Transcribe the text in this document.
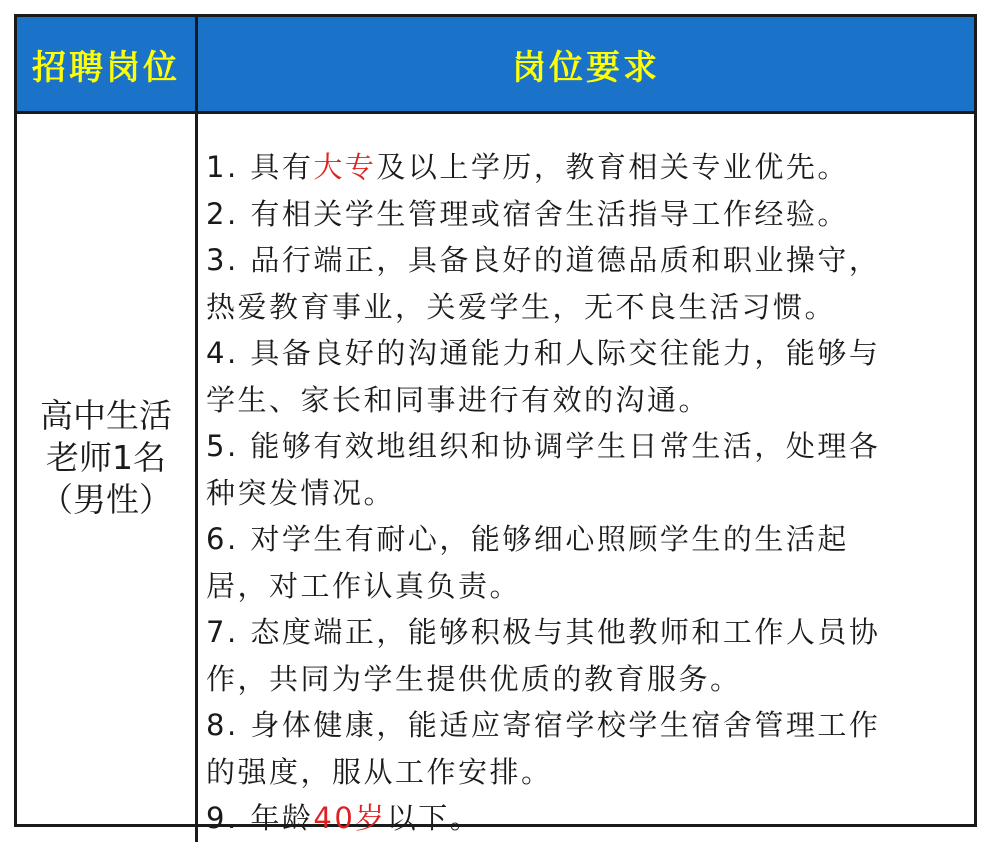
招聘岗位	岗位要求
高中生活
老师1名
（男性）
1. 具有大专及以上学历，教育相关专业优先。
2. 有相关学生管理或宿舍生活指导工作经验。
3. 品行端正，具备良好的道德品质和职业操守，
热爱教育事业，关爱学生，无不良生活习惯。
4. 具备良好的沟通能力和人际交往能力，能够与
学生、家长和同事进行有效的沟通。
5. 能够有效地组织和协调学生日常生活，处理各
种突发情况。
6. 对学生有耐心，能够细心照顾学生的生活起
居，对工作认真负责。
7. 态度端正，能够积极与其他教师和工作人员协
作，共同为学生提供优质的教育服务。
8. 身体健康，能适应寄宿学校学生宿舍管理工作
的强度，服从工作安排。
9. 年龄40岁以下。
